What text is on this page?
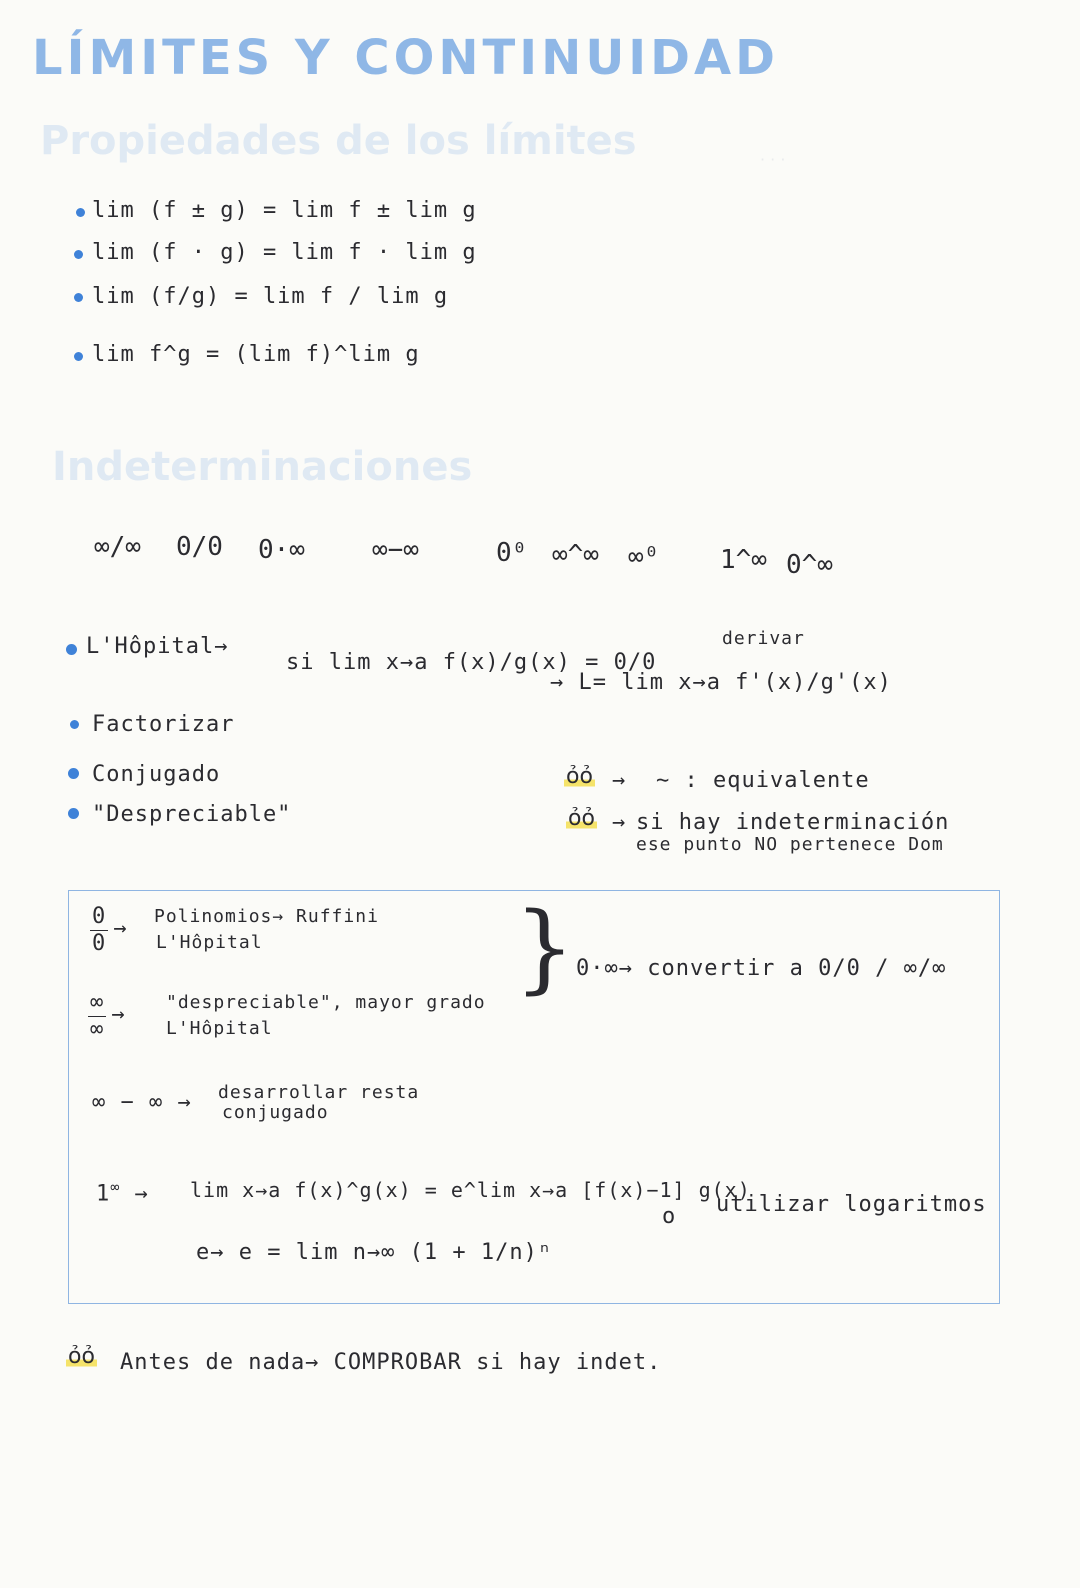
LÍMITES Y CONTINUIDAD
Propiedades de los límites
Indeterminaciones
lim (f ± g) = lim f ± lim g
lim (f · g) = lim f · lim g
lim (f/g) = lim f / lim g
lim f^g = (lim f)^lim g
∞/∞ 0/0 0·∞	∞−∞	0⁰ ∞^∞ ∞⁰ 1^∞ 0^∞
L'Hôpital→
si lim x→a f(x)/g(x) = 0/0
→ L= lim x→a f'(x)/g'(x)
derivar
Factorizar
Conjugado
"Despreciable"
ỏỏ → ∼ : equivalente
ỏỏ → si hay indeterminación
ese punto NO pertenece Dom
$\frac{0}{0}$ → Polinomios→ Ruffini
L'Hôpital
$\frac{\infty}{\infty}$ → "despreciable", mayor grado
L'Hôpital
} 0·∞→ convertir a 0/0 / ∞/∞
∞ − ∞ → desarrollar resta
conjugado
1∞ → lim x→a f(x)^g(x) = e^lim x→a [f(x)−1] g(x)
o utilizar logaritmos
e→ e = lim n→∞ (1 + 1/n)ⁿ
ỏỏ Antes de nada→ COMPROBAR si hay indet.
· · ·
